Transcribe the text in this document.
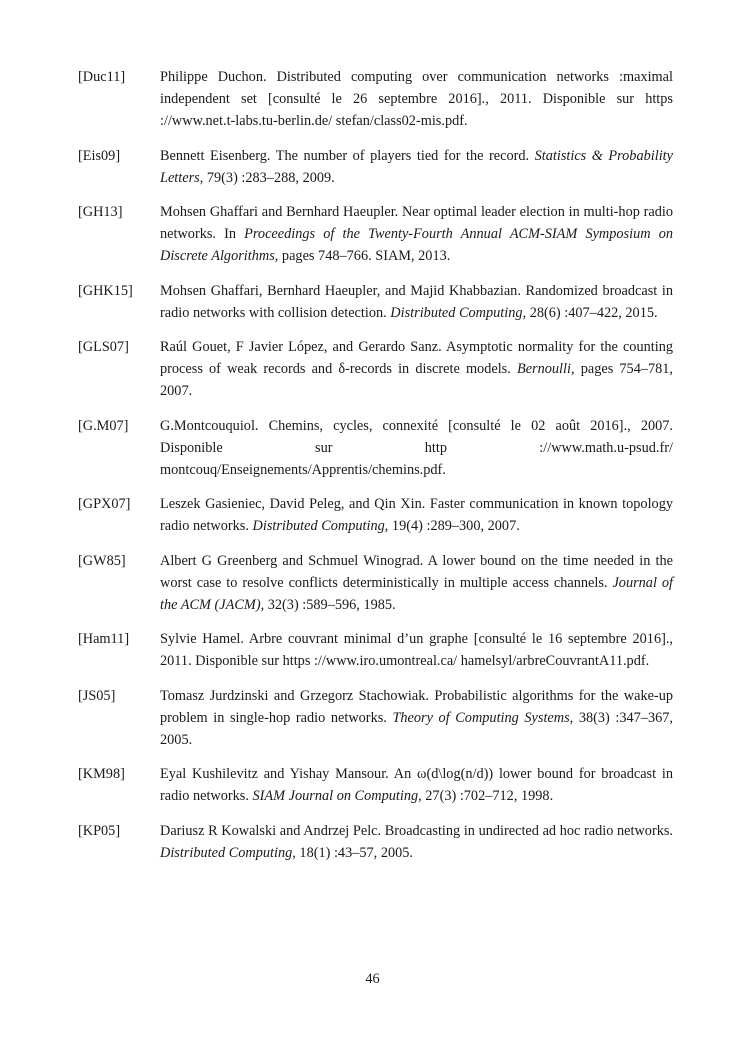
[Duc11]	Philippe Duchon. Distributed computing over communication networks :maximal independent set [consulté le 26 septembre 2016]., 2011. Disponible sur https ://www.net.t-labs.tu-berlin.de/ stefan/class02-mis.pdf.
[Eis09]	Bennett Eisenberg. The number of players tied for the record. Statistics & Probability Letters, 79(3) :283–288, 2009.
[GH13]	Mohsen Ghaffari and Bernhard Haeupler. Near optimal leader election in multi-hop radio networks. In Proceedings of the Twenty-Fourth Annual ACM-SIAM Symposium on Discrete Algorithms, pages 748–766. SIAM, 2013.
[GHK15]	Mohsen Ghaffari, Bernhard Haeupler, and Majid Khabbazian. Randomized broadcast in radio networks with collision detection. Distributed Computing, 28(6) :407–422, 2015.
[GLS07]	Raúl Gouet, F Javier López, and Gerardo Sanz. Asymptotic normality for the counting process of weak records and δ-records in discrete models. Bernoulli, pages 754–781, 2007.
[G.M07]	G.Montcouquiol. Chemins, cycles, connexité [consulté le 02 août 2016]., 2007. Disponible sur http ://www.math.u-psud.fr/ montcouq/Enseignements/Apprentis/chemins.pdf.
[GPX07]	Leszek Gasieniec, David Peleg, and Qin Xin. Faster communication in known topology radio networks. Distributed Computing, 19(4) :289–300, 2007.
[GW85]	Albert G Greenberg and Schmuel Winograd. A lower bound on the time needed in the worst case to resolve conflicts deterministically in multiple access channels. Journal of the ACM (JACM), 32(3) :589–596, 1985.
[Ham11]	Sylvie Hamel. Arbre couvrant minimal d’un graphe [consulté le 16 septembre 2016]., 2011. Disponible sur https ://www.iro.umontreal.ca/ hamelsyl/arbreCouvrantA11.pdf.
[JS05]	Tomasz Jurdzinski and Grzegorz Stachowiak. Probabilistic algorithms for the wake-up problem in single-hop radio networks. Theory of Computing Systems, 38(3) :347–367, 2005.
[KM98]	Eyal Kushilevitz and Yishay Mansour. An ω(d\log(n/d)) lower bound for broadcast in radio networks. SIAM Journal on Computing, 27(3) :702–712, 1998.
[KP05]	Dariusz R Kowalski and Andrzej Pelc. Broadcasting in undirected ad hoc radio networks. Distributed Computing, 18(1) :43–57, 2005.
46
